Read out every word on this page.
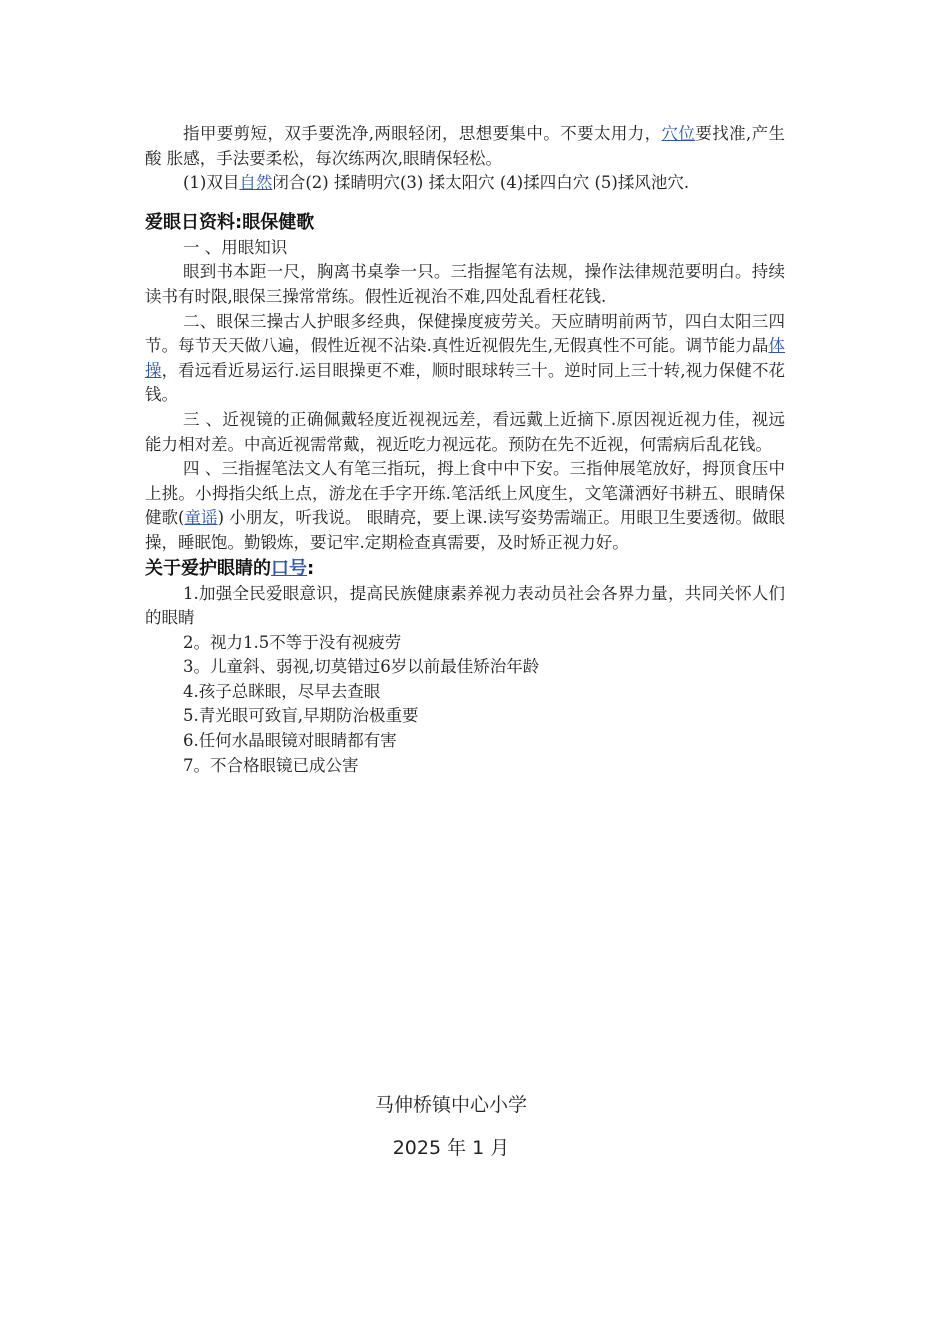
指甲要剪短，双手要洗净,两眼轻闭，思想要集中。不要太用力，穴位要找准,产生酸 胀感，手法要柔松，每次练两次,眼睛保轻松。

(1)双目自然闭合(2) 揉睛明穴(3) 揉太阳穴 (4)揉四白穴 (5)揉风池穴.

爱眼日资料:眼保健歌

一 、用眼知识

眼到书本距一尺，胸离书桌拳一只。三指握笔有法规，操作法律规范要明白。持续读书有时限,眼保三操常常练。假性近视治不难,四处乱看枉花钱.

二、眼保三操古人护眼多经典，保健操度疲劳关。天应睛明前两节，四白太阳三四节。每节天天做八遍，假性近视不沾染.真性近视假先生,无假真性不可能。调节能力晶体操，看远看近易运行.运目眼操更不难，顺时眼球转三十。逆时同上三十转,视力保健不花钱。

三 、近视镜的正确佩戴轻度近视视远差，看远戴上近摘下.原因视近视力佳，视远能力相对差。中高近视需常戴，视近吃力视远花。预防在先不近视，何需病后乱花钱。

四 、三指握笔法文人有笔三指玩，拇上食中中下安。三指伸展笔放好，拇顶食压中上挑。小拇指尖纸上点，游龙在手字开练.笔活纸上风度生，文笔潇洒好书耕五、眼睛保健歌(童谣) 小朋友，听我说。 眼睛亮，要上课.读写姿势需端正。用眼卫生要透彻。做眼操，睡眠饱。勤锻炼，要记牢.定期检查真需要，及时矫正视力好。

关于爱护眼睛的口号:

1.加强全民爱眼意识，提高民族健康素养视力表动员社会各界力量，共同关怀人们的眼睛

2。视力1.5不等于没有视疲劳

3。儿童斜、弱视,切莫错过6岁以前最佳矫治年龄

4.孩子总眯眼，尽早去查眼

5.青光眼可致盲,早期防治极重要

6.任何水晶眼镜对眼睛都有害

7。不合格眼镜已成公害

马伸桥镇中心小学
2025 年 1 月
